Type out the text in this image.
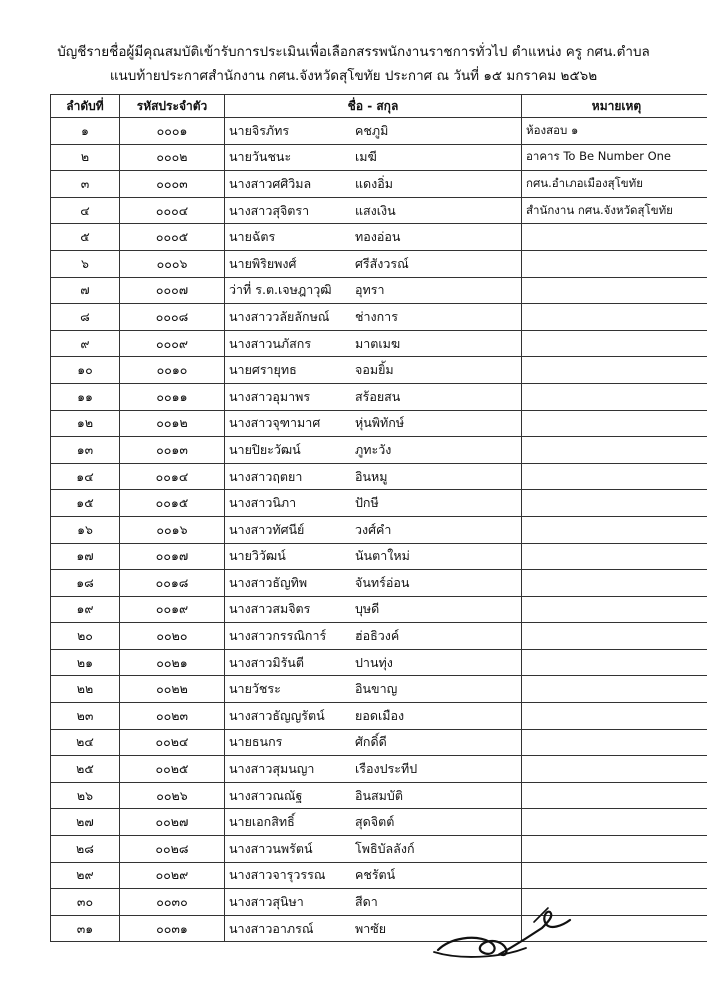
บัญชีรายชื่อผู้มีคุณสมบัติเข้ารับการประเมินเพื่อเลือกสรรพนักงานราชการทั่วไป ตำแหน่ง ครู กศน.ตำบล
แนบท้ายประกาศสำนักงาน กศน.จังหวัดสุโขทัย ประกาศ ณ วันที่ ๑๕ มกราคม ๒๕๖๒
ลำดับที่	รหัสประจำตัว	ชื่อ - สกุล	หมายเหตุ
๑	๐๐๐๑	นายจิรภัทร คชภูมิ	ห้องสอบ ๑
๒	๐๐๐๒	นายวันชนะ เมฆี	อาคาร To Be Number One
๓	๐๐๐๓	นางสาวศศิวิมล แดงอิ่ม	กศน.อำเภอเมืองสุโขทัย
๔	๐๐๐๔	นางสาวสุจิตรา แสงเงิน	สำนักงาน กศน.จังหวัดสุโขทัย
๕	๐๐๐๕	นายฉัตร ทองอ่อน	
๖	๐๐๐๖	นายพิริยพงศ์ ศรีสังวรณ์	
๗	๐๐๐๗	ว่าที่ ร.ต.เจษฎาวุฒิ อุทรา	
๘	๐๐๐๘	นางสาววลัยลักษณ์ ช่างการ	
๙	๐๐๐๙	นางสาวนภัสกร มาตเมฆ	
๑๐	๐๐๑๐	นายศรายุทธ จอมยิ้ม	
๑๑	๐๐๑๑	นางสาวอุมาพร สร้อยสน	
๑๒	๐๐๑๒	นางสาวจุฑามาศ หุ่นพิทักษ์	
๑๓	๐๐๑๓	นายปิยะวัฒน์ ภูทะวัง	
๑๔	๐๐๑๔	นางสาวฤตยา อินหมู	
๑๕	๐๐๑๕	นางสาวนิภา ปักษี	
๑๖	๐๐๑๖	นางสาวทัศนีย์ วงศ์คำ	
๑๗	๐๐๑๗	นายวิวัฒน์ นันตาใหม่	
๑๘	๐๐๑๘	นางสาวธัญทิพ จันทร์อ่อน	
๑๙	๐๐๑๙	นางสาวสมจิตร บุษดี	
๒๐	๐๐๒๐	นางสาวกรรณิการ์ ฮ่อธิวงค์	
๒๑	๐๐๒๑	นางสาวมิรันตี ปานทุ่ง	
๒๒	๐๐๒๒	นายวัชระ อินขาญ	
๒๓	๐๐๒๓	นางสาวธัญญรัตน์ ยอดเมือง	
๒๔	๐๐๒๔	นายธนกร ศักดิ์ดี	
๒๕	๐๐๒๕	นางสาวสุมนญา เรืองประทีป	
๒๖	๐๐๒๖	นางสาวณณัฐ อินสมบัติ	
๒๗	๐๐๒๗	นายเอกสิทธิ์ สุดจิตต์	
๒๘	๐๐๒๘	นางสาวนพรัตน์ โพธิบัลลังก์	
๒๙	๐๐๒๙	นางสาวจารุวรรณ คชรัตน์	
๓๐	๐๐๓๐	นางสาวสุนิษา สีดา	
๓๑	๐๐๓๑	นางสาวอาภรณ์ พาซัย	
